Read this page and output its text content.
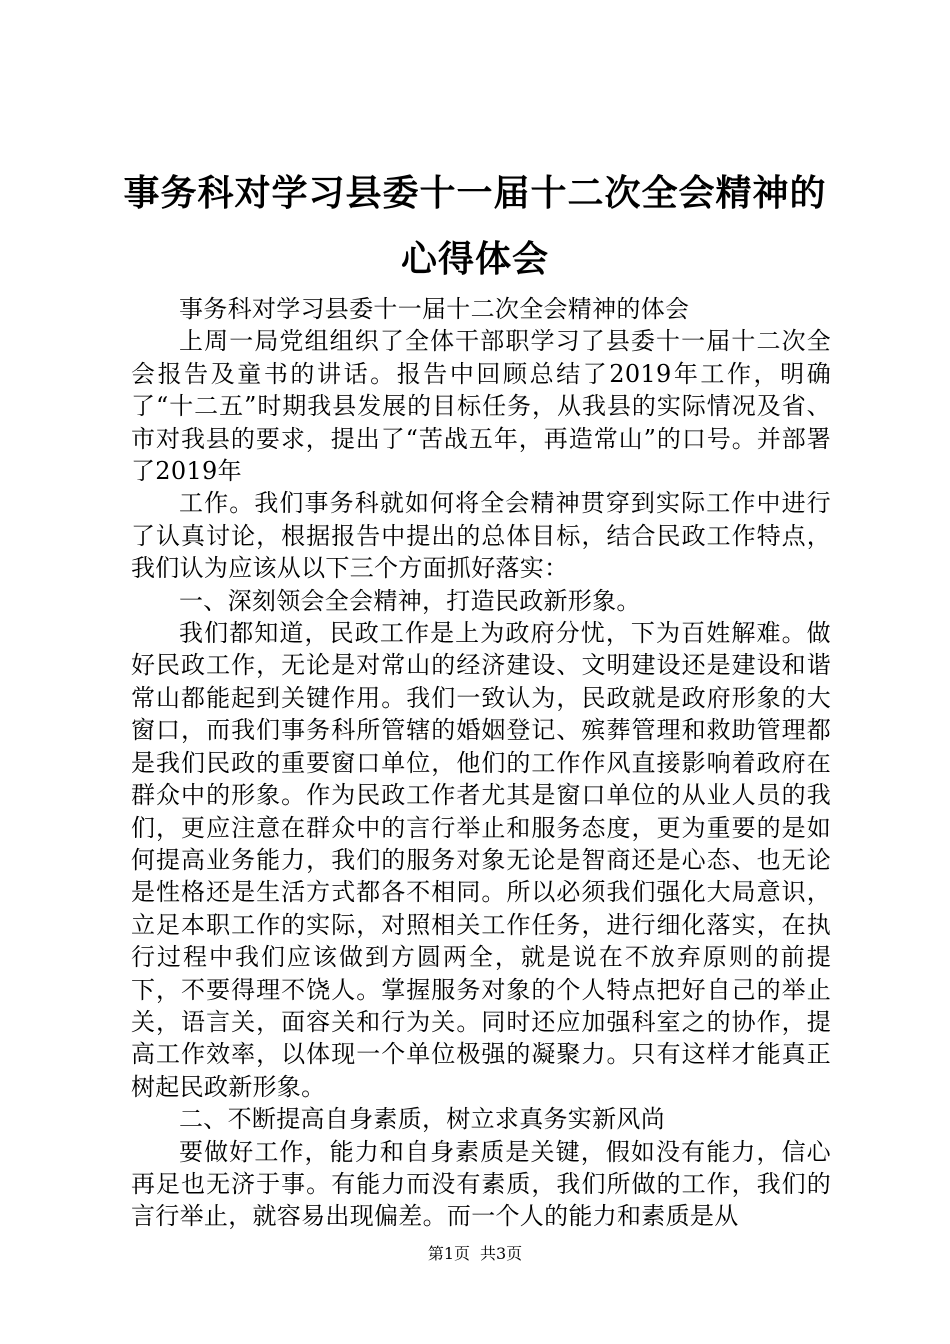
事务科对学习县委十一届十二次全会精神的心得体会

事务科对学习县委十一届十二次全会精神的体会

上周一局党组组织了全体干部职学习了县委十一届十二次全会报告及童书的讲话。报告中回顾总结了2019年工作，明确了“十二五”时期我县发展的目标任务，从我县的实际情况及省、市对我县的要求，提出了“苦战五年，再造常山”的口号。并部署了2019年

工作。我们事务科就如何将全会精神贯穿到实际工作中进行了认真讨论，根据报告中提出的总体目标，结合民政工作特点，我们认为应该从以下三个方面抓好落实：

一、深刻领会全会精神，打造民政新形象。

我们都知道，民政工作是上为政府分忧，下为百姓解难。做好民政工作，无论是对常山的经济建设、文明建设还是建设和谐常山都能起到关键作用。我们一致认为，民政就是政府形象的大窗口，而我们事务科所管辖的婚姻登记、殡葬管理和救助管理都是我们民政的重要窗口单位，他们的工作作风直接影响着政府在群众中的形象。作为民政工作者尤其是窗口单位的从业人员的我们，更应注意在群众中的言行举止和服务态度，更为重要的是如何提高业务能力，我们的服务对象无论是智商还是心态、也无论是性格还是生活方式都各不相同。所以必须我们强化大局意识，立足本职工作的实际，对照相关工作任务，进行细化落实，在执行过程中我们应该做到方圆两全，就是说在不放弃原则的前提下，不要得理不饶人。掌握服务对象的个人特点把好自己的举止关，语言关，面容关和行为关。同时还应加强科室之的协作，提高工作效率，以体现一个单位极强的凝聚力。只有这样才能真正树起民政新形象。

二、不断提高自身素质，树立求真务实新风尚

要做好工作，能力和自身素质是关键，假如没有能力，信心再足也无济于事。有能力而没有素质，我们所做的工作，我们的言行举止，就容易出现偏差。而一个人的能力和素质是从

第1页 共3页
